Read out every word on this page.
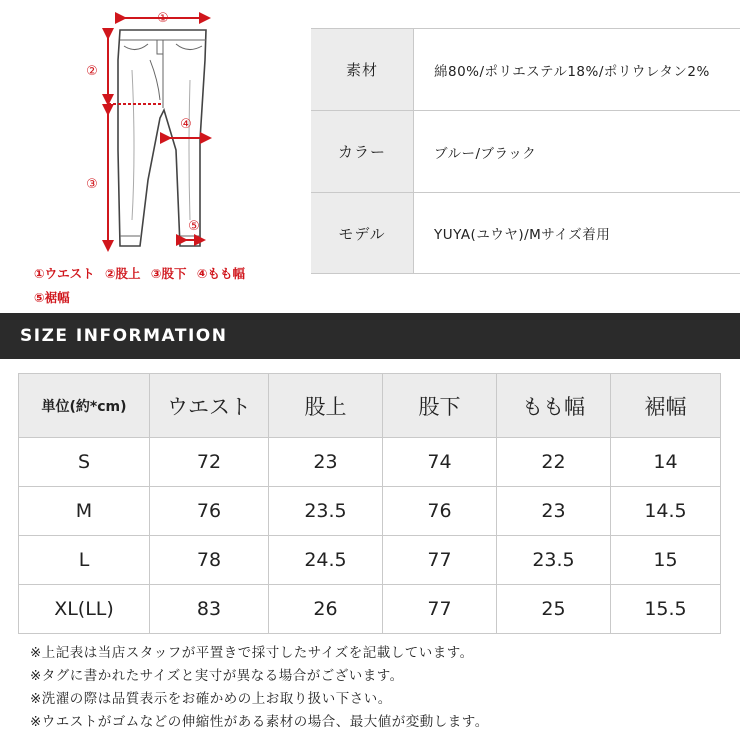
①
②
③
④
⑤
①ウエスト ②股上 ③股下 ④もも幅
⑤裾幅
素材	綿80%/ポリエステル18%/ポリウレタン2%
カラー	ブルー/ブラック
モデル	YUYA(ユウヤ)/Mサイズ着用
SIZE INFORMATION
単位(約*cm)	ウエスト	股上	股下	もも幅	裾幅
S	72	23	74	22	14
M	76	23.5	76	23	14.5
L	78	24.5	77	23.5	15
XL(LL)	83	26	77	25	15.5
※上記表は当店スタッフが平置きで採寸したサイズを記載しています。
※タグに書かれたサイズと実寸が異なる場合がございます。
※洗濯の際は品質表示をお確かめの上お取り扱い下さい。
※ウエストがゴムなどの伸縮性がある素材の場合、最大値が変動します。
